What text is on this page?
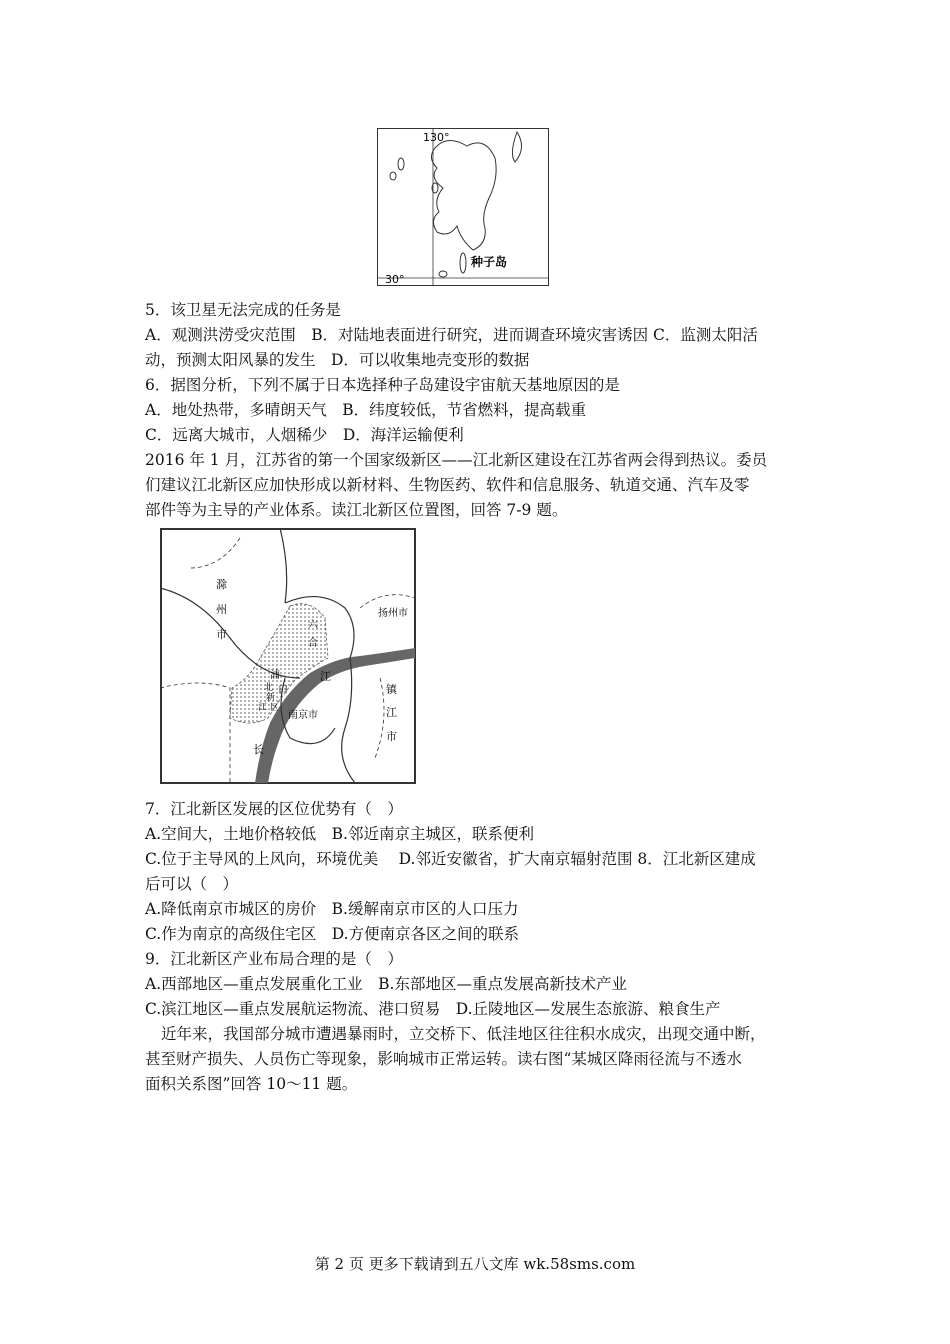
130°
30°
种子岛
5．该卫星无法完成的任务是
A．观测洪涝受灾范围　B．对陆地表面进行研究，进而调查环境灾害诱因 C．监测太阳活
动，预测太阳风暴的发生　D．可以收集地壳变形的数据
6．据图分析，下列不属于日本选择种子岛建设宇宙航天基地原因的是
A．地处热带，多晴朗天气　B．纬度较低，节省燃料，提高载重
C．远离大城市，人烟稀少　D．海洋运输便利
2016 年 1 月，江苏省的第一个国家级新区——江北新区建设在江苏省两会得到热议。委员
们建议江北新区应加快形成以新材料、生物医药、软件和信息服务、轨道交通、汽车及零
部件等为主导的产业体系。读江北新区位置图，回答 7-9 题。
滁
州
市
扬州市
镇
江
市
南京市
六
合
浦
口
江
北
新
区
江
长
7．江北新区发展的区位优势有（　）
A.空间大，土地价格较低　B.邻近南京主城区，联系便利
C.位于主导风的上风向，环境优美　 D.邻近安徽省，扩大南京辐射范围 8．江北新区建成
后可以（　）
A.降低南京市城区的房价　B.缓解南京市区的人口压力
C.作为南京的高级住宅区　D.方便南京各区之间的联系
9．江北新区产业布局合理的是（　）
A.西部地区—重点发展重化工业　B.东部地区—重点发展高新技术产业
C.滨江地区—重点发展航运物流、港口贸易　D.丘陵地区—发展生态旅游、粮食生产
近年来，我国部分城市遭遇暴雨时，立交桥下、低洼地区往往积水成灾，出现交通中断，
甚至财产损失、人员伤亡等现象，影响城市正常运转。读右图“某城区降雨径流与不透水
面积关系图”回答 10～11 题。
第 2 页 更多下载请到五八文库 wk.58sms.com
